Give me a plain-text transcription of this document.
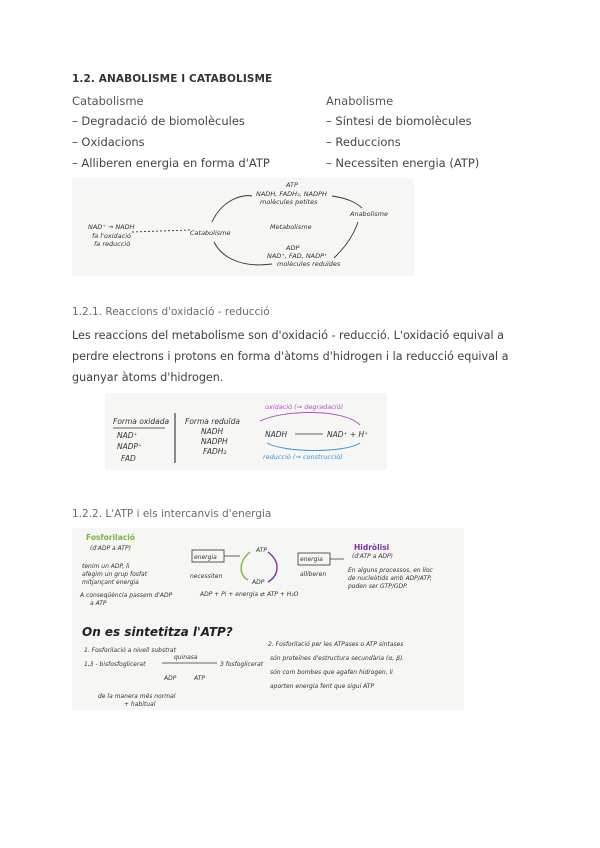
1.2. ANABOLISME I CATABOLISME
Catabolisme
– Degradació de biomolècules
– Oxidacions
– Alliberen energia en forma d'ATP
Anabolisme
– Síntesi de biomolècules
– Reduccions
– Necessiten energia (ATP)
ATP
NADH, FADH₂, NADPH
molècules petites
NAD⁺ → NADH
fa l'oxidació
fa reducció
Catabolisme
Metabolisme
Anabolisme
ADP
NAD⁺, FAD, NADP⁺
molècules reduïdes
1.2.1. Reaccions d'oxidació - reducció
Les reaccions del metabolisme son d'oxidació - reducció. L'oxidació equival a perdre electrons i protons en forma d'àtoms d'hidrogen i la reducció equival a guanyar àtoms d'hidrogen.
Forma oxidada
NAD⁺
NADP⁺
FAD
Forma reduïda
NADH
NADPH
FADH₂
NADH	NAD⁺ + H⁺
oxidació (⇒ degradació)
reducció (⇒ construcció)
1.2.2. L'ATP i els intercanvis d'energia
Fosforilació
(d'ADP a ATP)
tenim un ADP, li
afegim un grup fosfat
mitjançant energia
A conseqüència passem d'ADP
a ATP
energia
necessiten
ATP
ADP
energia
alliberen
(d'ATP a ADP)
En alguns processos, en lloc
de nucleòtids amb ADP/ATP,
poden ser GTP/GDP.
ADP + Pi + energia ⇄ ATP + H₂O
Hidròlisi
On es sintetitza l'ATP?
1. Fosforilació a nivell substrat
1,3 - bisfosfoglicerat
quinasa
3 fosfoglicerat
ADP	ATP
de la manera més normal
+ habitual
2. Fosforilació per les ATPases o ATP sintases
són proteïnes d'estructura secundària (α, β).
són com bombes que agafen hidrogen, li
aporten energia fent que sigui ATP
